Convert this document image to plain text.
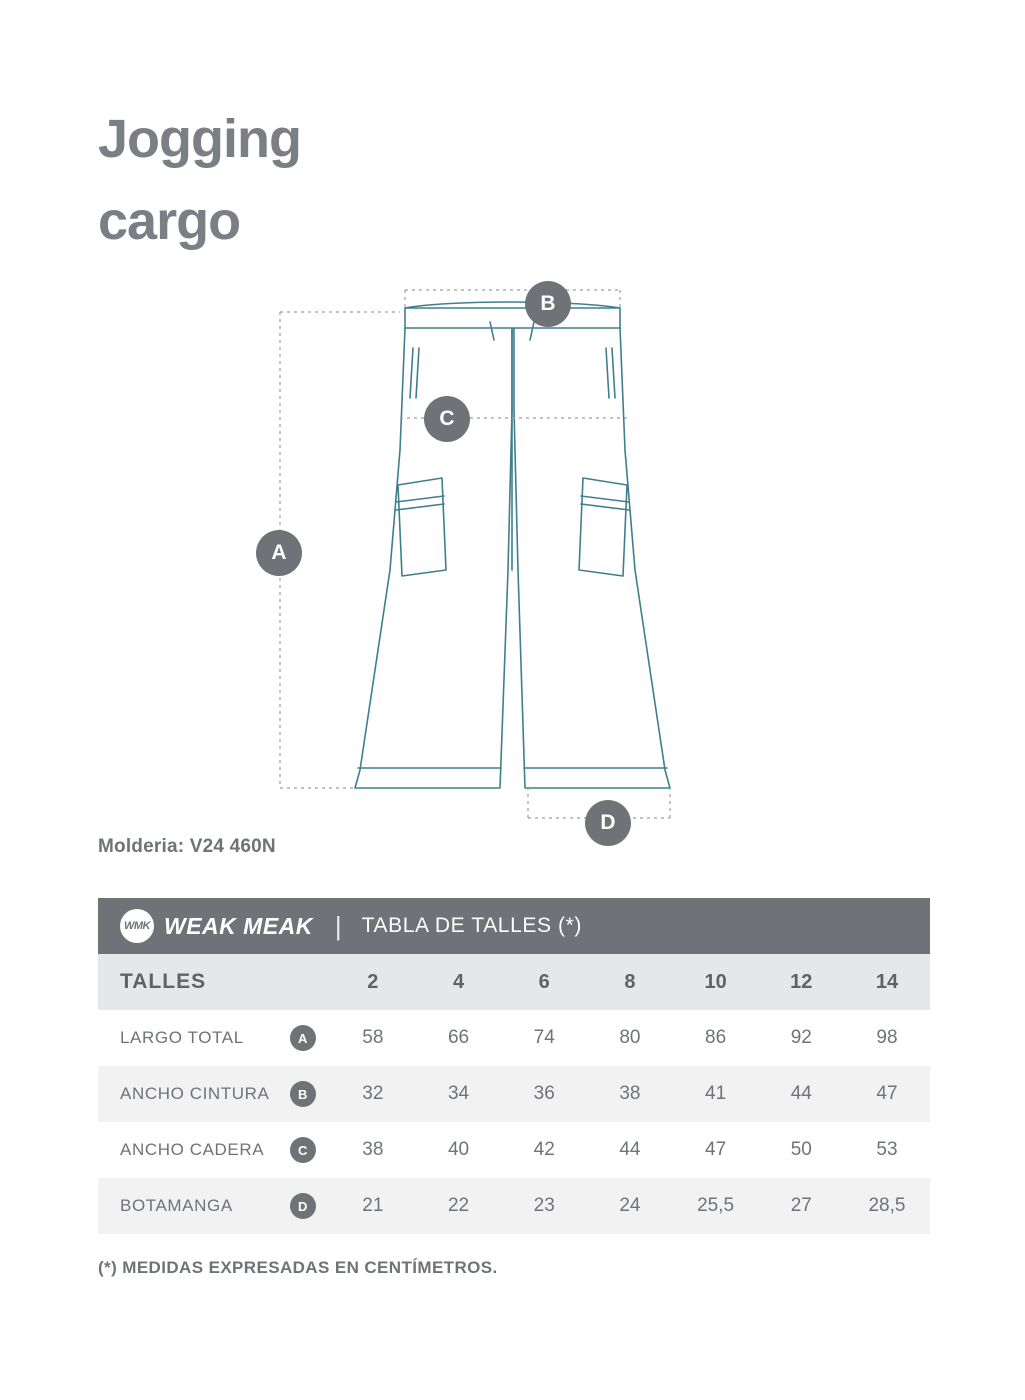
Jogging
cargo
A
B
C
D
Molderia: V24 460N
WMK WEAK MEAK | TABLA DE TALLES (*)
TALLES	2	4	6	8	10	12	14
LARGO TOTAL	A	58	66	74	80	86	92	98
ANCHO CINTURA	B	32	34	36	38	41	44	47
ANCHO CADERA	C	38	40	42	44	47	50	53
BOTAMANGA	D	21	22	23	24	25,5	27	28,5
(*) MEDIDAS EXPRESADAS EN CENTÍMETROS.
